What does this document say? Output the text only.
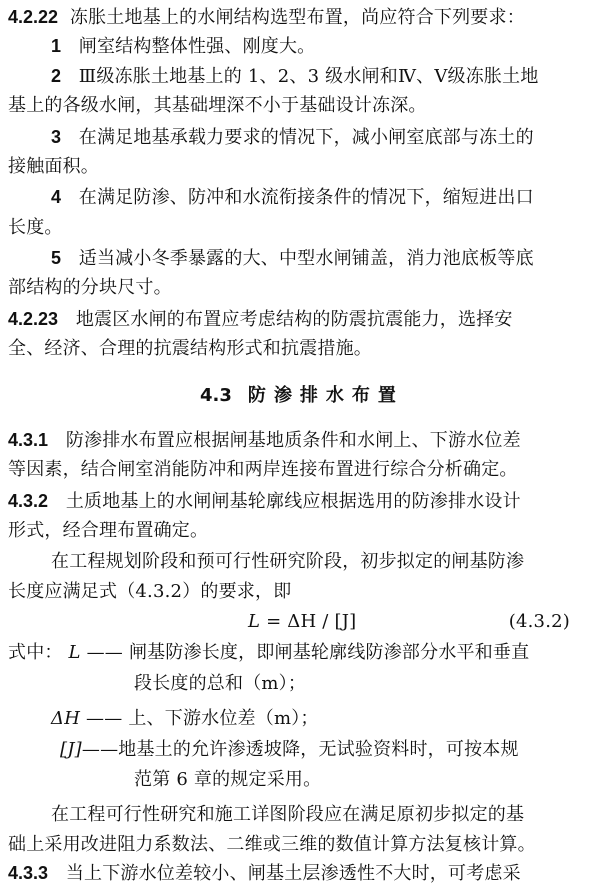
4.2.22 冻胀土地基上的水闸结构选型布置，尚应符合下列要求：
1 闸室结构整体性强、刚度大。
2 Ⅲ级冻胀土地基上的 1、2、3 级水闸和Ⅳ、Ⅴ级冻胀土地
基上的各级水闸，其基础埋深不小于基础设计冻深。
3 在满足地基承载力要求的情况下，减小闸室底部与冻土的
接触面积。
4 在满足防渗、防冲和水流衔接条件的情况下，缩短进出口
长度。
5 适当减小冬季暴露的大、中型水闸铺盖，消力池底板等底
部结构的分块尺寸。
4.2.23 地震区水闸的布置应考虑结构的防震抗震能力，选择安
全、经济、合理的抗震结构形式和抗震措施。
4.3 防渗排水布置
4.3.1 防渗排水布置应根据闸基地质条件和水闸上、下游水位差
等因素，结合闸室消能防冲和两岸连接布置进行综合分析确定。
4.3.2 土质地基上的水闸闸基轮廓线应根据选用的防渗排水设计
形式，经合理布置确定。
在工程规划阶段和预可行性研究阶段，初步拟定的闸基防渗
长度应满足式（4.3.2）的要求，即
L = ΔH / [J]	(4.3.2)
式中： L —— 闸基防渗长度，即闸基轮廓线防渗部分水平和垂直
段长度的总和（m）；
ΔH —— 上、下游水位差（m）；
[J]——地基土的允许渗透坡降，无试验资料时，可按本规
范第 6 章的规定采用。
在工程可行性研究和施工详图阶段应在满足原初步拟定的基
础上采用改进阻力系数法、二维或三维的数值计算方法复核计算。
4.3.3 当上下游水位差较小、闸基土层渗透性不大时，可考虑采
